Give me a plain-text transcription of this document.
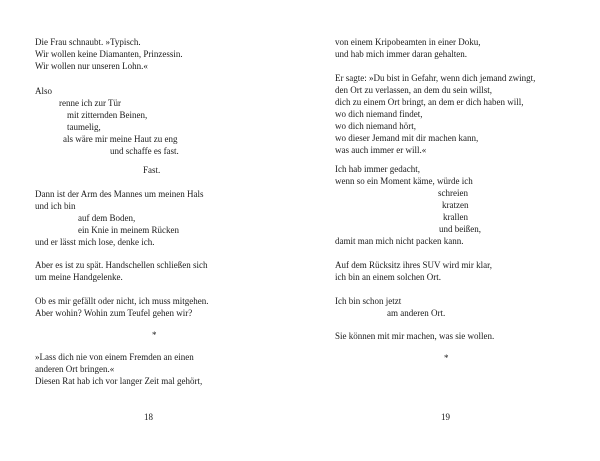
Die Frau schnaubt. »Typisch.
Wir wollen keine Diamanten, Prinzessin.
Wir wollen nur unseren Lohn.«
Also
renne ich zur Tür
mit zitternden Beinen,
taumelig,
als wäre mir meine Haut zu eng
und schaffe es fast.
Fast.
Dann ist der Arm des Mannes um meinen Hals
und ich bin
auf dem Boden,
ein Knie in meinem Rücken
und er lässt mich lose, denke ich.
Aber es ist zu spät. Handschellen schließen sich
um meine Handgelenke.
Ob es mir gefällt oder nicht, ich muss mitgehen.
Aber wohin? Wohin zum Teufel gehen wir?
*
»Lass dich nie von einem Fremden an einen
anderen Ort bringen.«
Diesen Rat hab ich vor langer Zeit mal gehört,
18
von einem Kripobeamten in einer Doku,
und hab mich immer daran gehalten.
Er sagte: »Du bist in Gefahr, wenn dich jemand zwingt,
den Ort zu verlassen, an dem du sein willst,
dich zu einem Ort bringt, an dem er dich haben will,
wo dich niemand findet,
wo dich niemand hört,
wo dieser Jemand mit dir machen kann,
was auch immer er will.«
Ich hab immer gedacht,
wenn so ein Moment käme, würde ich
schreien
kratzen
krallen
und beißen,
damit man mich nicht packen kann.
Auf dem Rücksitz ihres SUV wird mir klar,
ich bin an einem solchen Ort.
Ich bin schon jetzt
am anderen Ort.
Sie können mit mir machen, was sie wollen.
*
19
